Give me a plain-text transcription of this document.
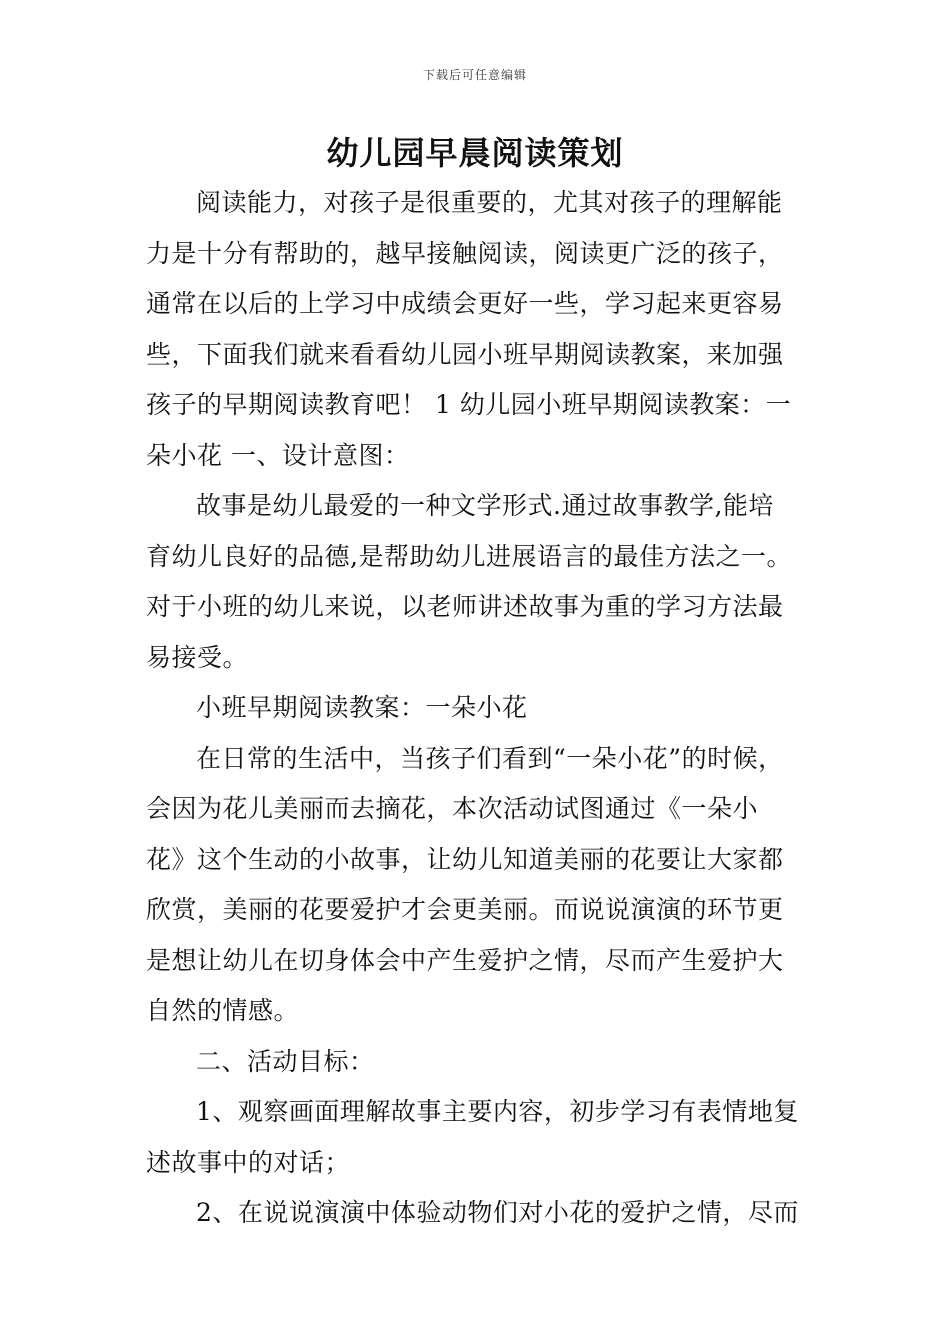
下载后可任意编辑
幼儿园早晨阅读策划

阅读能力，对孩子是很重要的，尤其对孩子的理解能
力是十分有帮助的，越早接触阅读，阅读更广泛的孩子，
通常在以后的上学习中成绩会更好一些，学习起来更容易
些，下面我们就来看看幼儿园小班早期阅读教案，来加强
孩子的早期阅读教育吧！ 1 幼儿园小班早期阅读教案：一
朵小花 一、设计意图：

故事是幼儿最爱的一种文学形式.通过故事教学,能培
育幼儿良好的品德,是帮助幼儿进展语言的最佳方法之一。
对于小班的幼儿来说，以老师讲述故事为重的学习方法最
易接受。

小班早期阅读教案：一朵小花

在日常的生活中，当孩子们看到“一朵小花”的时候，
会因为花儿美丽而去摘花，本次活动试图通过《一朵小
花》这个生动的小故事，让幼儿知道美丽的花要让大家都
欣赏，美丽的花要爱护才会更美丽。而说说演演的环节更
是想让幼儿在切身体会中产生爱护之情，尽而产生爱护大
自然的情感。

二、活动目标：

1、观察画面理解故事主要内容，初步学习有表情地复
述故事中的对话；

2、在说说演演中体验动物们对小花的爱护之情，尽而
